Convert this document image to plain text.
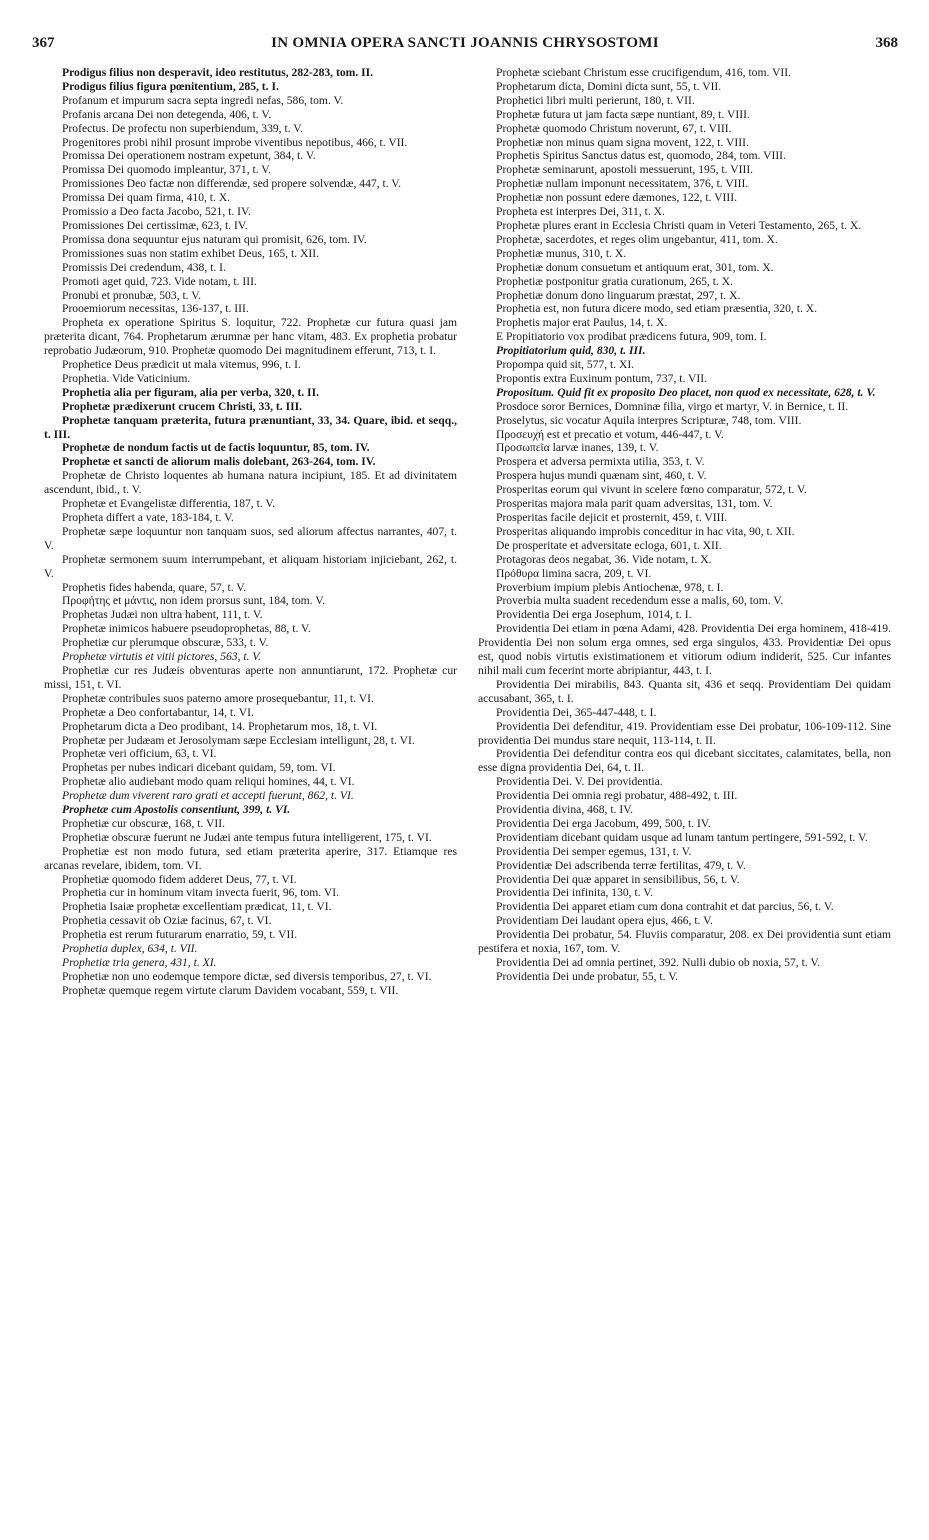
367	IN OMNIA OPERA SANCTI JOANNIS CHRYSOSTOMI	368

Prodigus filius non desperavit, ideo restitutus, 282-283, tom. II.

Prodigus filius figura pœnitentium, 285, t. I.

Profanum et impurum sacra septa ingredi nefas, 586, tom. V.

Profanis arcana Dei non detegenda, 406, t. V.

Profectus. De profectu non superbiendum, 339, t. V.

Progenitores probi nihil prosunt improbe viventibus nepotibus, 466, t. VII.

Promissa Dei operationem nostram expetunt, 384, t. V.

Promissa Dei quomodo impleantur, 371, t. V.

Promissiones Deo factæ non differendæ, sed propere solvendæ, 447, t. V.

Promissa Dei quam firma, 410, t. X.

Promissio a Deo facta Jacobo, 521, t. IV.

Promissiones Dei certissimæ, 623, t. IV.

Promissa dona sequuntur ejus naturam qui promisit, 626, tom. IV.

Promissiones suas non statim exhibet Deus, 165, t. XII.

Promissis Dei credendum, 438, t. I.

Promoti aget quid, 723. Vide notam, t. III.

Pronubi et pronubæ, 503, t. V.

Prooemiorum necessitas, 136-137, t. III.

Propheta ex operatione Spiritus S. loquitur, 722. Prophetæ cur futura quasi jam præterita dicant, 764. Prophetarum ærumnæ per hanc vitam, 483. Ex prophetia probatur reprobatio Judæorum, 910. Prophetæ quomodo Dei magnitudinem efferunt, 713, t. I.

Prophetice Deus prædicit ut mala vitemus, 996, t. I.

Prophetia. Vide Vaticinium.

Prophetia alia per figuram, alia per verba, 320, t. II.

Prophetæ prædixerunt crucem Christi, 33, t. III.

Prophetæ tanquam præterita, futura prænuntiant, 33, 34. Quare, ibid. et seqq., t. III.

Prophetæ de nondum factis ut de factis loquuntur, 85, tom. IV.

Prophetæ et sancti de aliorum malis dolebant, 263-264, tom. IV.

Prophetæ de Christo loquentes ab humana natura incipiunt, 185. Et ad divinitatem ascendunt, ibid., t. V.

Prophetæ et Evangelistæ differentia, 187, t. V.

Propheta differt a vate, 183-184, t. V.

Prophetæ sæpe loquuntur non tanquam suos, sed aliorum affectus narrantes, 407, t. V.

Prophetæ sermonem suum interrumpebant, et aliquam historiam injiciebant, 262, t. V.

Prophetis fides habenda, quare, 57, t. V.

Προφήτης et μάντις, non idem prorsus sunt, 184, tom. V.

Prophetas Judæi non ultra habent, 111, t. V.

Prophetæ inimicos habuere pseudoprophetas, 88, t. V.

Prophetiæ cur plerumque obscuræ, 533, t. V.

Prophetæ virtutis et vitii pictores, 563, t. V.

Prophetiæ cur res Judæis obventuras aperte non annuntiarunt, 172. Prophetæ cur missi, 151, t. VI.

Prophetæ contribules suos paterno amore prosequebantur, 11, t. VI.

Prophetæ a Deo confortabantur, 14, t. VI.

Prophetarum dicta a Deo prodibant, 14. Prophetarum mos, 18, t. VI.

Prophetæ per Judæam et Jerosolymam sæpe Ecclesiam intelligunt, 28, t. VI.

Prophetæ veri officium, 63, t. VI.

Prophetas per nubes indicari dicebant quidam, 59, tom. VI.

Prophetæ alio audiebant modo quam reliqui homines, 44, t. VI.

Prophetæ dum viverent raro grati et accepti fuerunt, 862, t. VI.

Prophetæ cum Apostolis consentiunt, 399, t. VI.

Prophetiæ cur obscuræ, 168, t. VII.

Prophetiæ obscuræ fuerunt ne Judæi ante tempus futura intelligerent, 175, t. VI.

Prophetiæ est non modo futura, sed etiam præterita aperire, 317. Etiamque res arcanas revelare, ibidem, tom. VI.

Prophetiæ quomodo fidem adderet Deus, 77, t. VI.

Prophetia cur in hominum vitam invecta fuerit, 96, tom. VI.

Prophetia Isaiæ prophetæ excellentiam prædicat, 11, t. VI.

Prophetia cessavit ob Oziæ facinus, 67, t. VI.

Prophetia est rerum futurarum enarratio, 59, t. VII.

Prophetia duplex, 634, t. VII.

Prophetiæ tria genera, 431, t. XI.

Prophetiæ non uno eodemque tempore dictæ, sed diversis temporibus, 27, t. VI.

Prophetæ quemque regem virtute clarum Davidem vocabant, 559, t. VII.

Prophetæ sciebant Christum esse crucifigendum, 416, tom. VII.

Prophetarum dicta, Domini dicta sunt, 55, t. VII.

Prophetici libri multi perierunt, 180, t. VII.

Prophetæ futura ut jam facta sæpe nuntiant, 89, t. VIII.

Prophetæ quomodo Christum noverunt, 67, t. VIII.

Prophetiæ non minus quam signa movent, 122, t. VIII.

Prophetis Spiritus Sanctus datus est, quomodo, 284, tom. VIII.

Prophetæ seminarunt, apostoli messuerunt, 195, t. VIII.

Prophetiæ nullam imponunt necessitatem, 376, t. VIII.

Prophetiæ non possunt edere dæmones, 122, t. VIII.

Propheta est interpres Dei, 311, t. X.

Prophetæ plures erant in Ecclesia Christi quam in Veteri Testamento, 265, t. X.

Prophetæ, sacerdotes, et reges olim ungebantur, 411, tom. X.

Prophetiæ munus, 310, t. X.

Prophetiæ donum consuetum et antiquum erat, 301, tom. X.

Prophetiæ postponitur gratia curationum, 265, t. X.

Prophetiæ donum dono linguarum præstat, 297, t. X.

Prophetia est, non futura dicere modo, sed etiam præsentia, 320, t. X.

Prophetis major erat Paulus, 14, t. X.

E Propitiatorio vox prodibat prædicens futura, 909, tom. I.

Propitiatorium quid, 830, t. III.

Propompa quid sit, 577, t. XI.

Propontis extra Euxinum pontum, 737, t. VII.

Propositum. Quid fit ex proposito Deo placet, non quod ex necessitate, 628, t. V.

Prosdoce soror Bernices, Domninæ filia, virgo et martyr, V. in Bernice, t. II.

Proselytus, sic vocatur Aquila interpres Scripturæ, 748, tom. VIII.

Προσευχή est et precatio et votum, 446-447, t. V.

Προσωπεῖα larvæ inanes, 139, t. V.

Prospera et adversa permixta utilia, 353, t. V.

Prospera hujus mundi quænam sint, 460, t. V.

Prosperitas eorum qui vivunt in scelere fœno comparatur, 572, t. V.

Prosperitas majora mala parit quam adversitas, 131, tom. V.

Prosperitas facile dejicit et prosternit, 459, t. VIII.

Prosperitas aliquando improbis conceditur in hac vita, 90, t. XII.

De prosperitate et adversitate ecloga, 601, t. XII.

Protagoras deos negabat, 36. Vide notam, t. X.

Πρόθυρα limina sacra, 209, t. VI.

Proverbium impium plebis Antiochenæ, 978, t. I.

Proverbia multa suadent recedendum esse a malis, 60, tom. V.

Providentia Dei erga Josephum, 1014, t. I.

Providentia Dei etiam in pœna Adami, 428. Providentia Dei erga hominem, 418-419. Providentia Dei non solum erga omnes, sed erga singulos, 433. Providentiæ Dei opus est, quod nobis virtutis existimationem et vitiorum odium indiderit, 525. Cur infantes nihil mali cum fecerint morte abripiantur, 443, t. I.

Providentia Dei mirabilis, 843. Quanta sit, 436 et seqq. Providentiam Dei quidam accusabant, 365, t. I.

Providentia Dei, 365-447-448, t. I.

Providentia Dei defenditur, 419. Providentiam esse Dei probatur, 106-109-112. Sine providentia Dei mundus stare nequit, 113-114, t. II.

Providentia Dei defenditur contra eos qui dicebant siccitates, calamitates, bella, non esse digna providentia Dei, 64, t. II.

Providentia Dei. V. Dei providentia.

Providentia Dei omnia regi probatur, 488-492, t. III.

Providentia divina, 468, t. IV.

Providentia Dei erga Jacobum, 499, 500, t. IV.

Providentiam dicebant quidam usque ad lunam tantum pertingere, 591-592, t. V.

Providentia Dei semper egemus, 131, t. V.

Providentiæ Dei adscribenda terræ fertilitas, 479, t. V.

Providentia Dei quæ apparet in sensibilibus, 56, t. V.

Providentia Dei infinita, 130, t. V.

Providentia Dei apparet etiam cum dona contrahit et dat parcius, 56, t. V.

Providentiam Dei laudant opera ejus, 466, t. V.

Providentia Dei probatur, 54. Fluviis comparatur, 208. ex Dei providentia sunt etiam pestifera et noxia, 167, tom. V.

Providentia Dei ad omnia pertinet, 392. Nulli dubio ob noxia, 57, t. V.

Providentia Dei unde probatur, 55, t. V.
